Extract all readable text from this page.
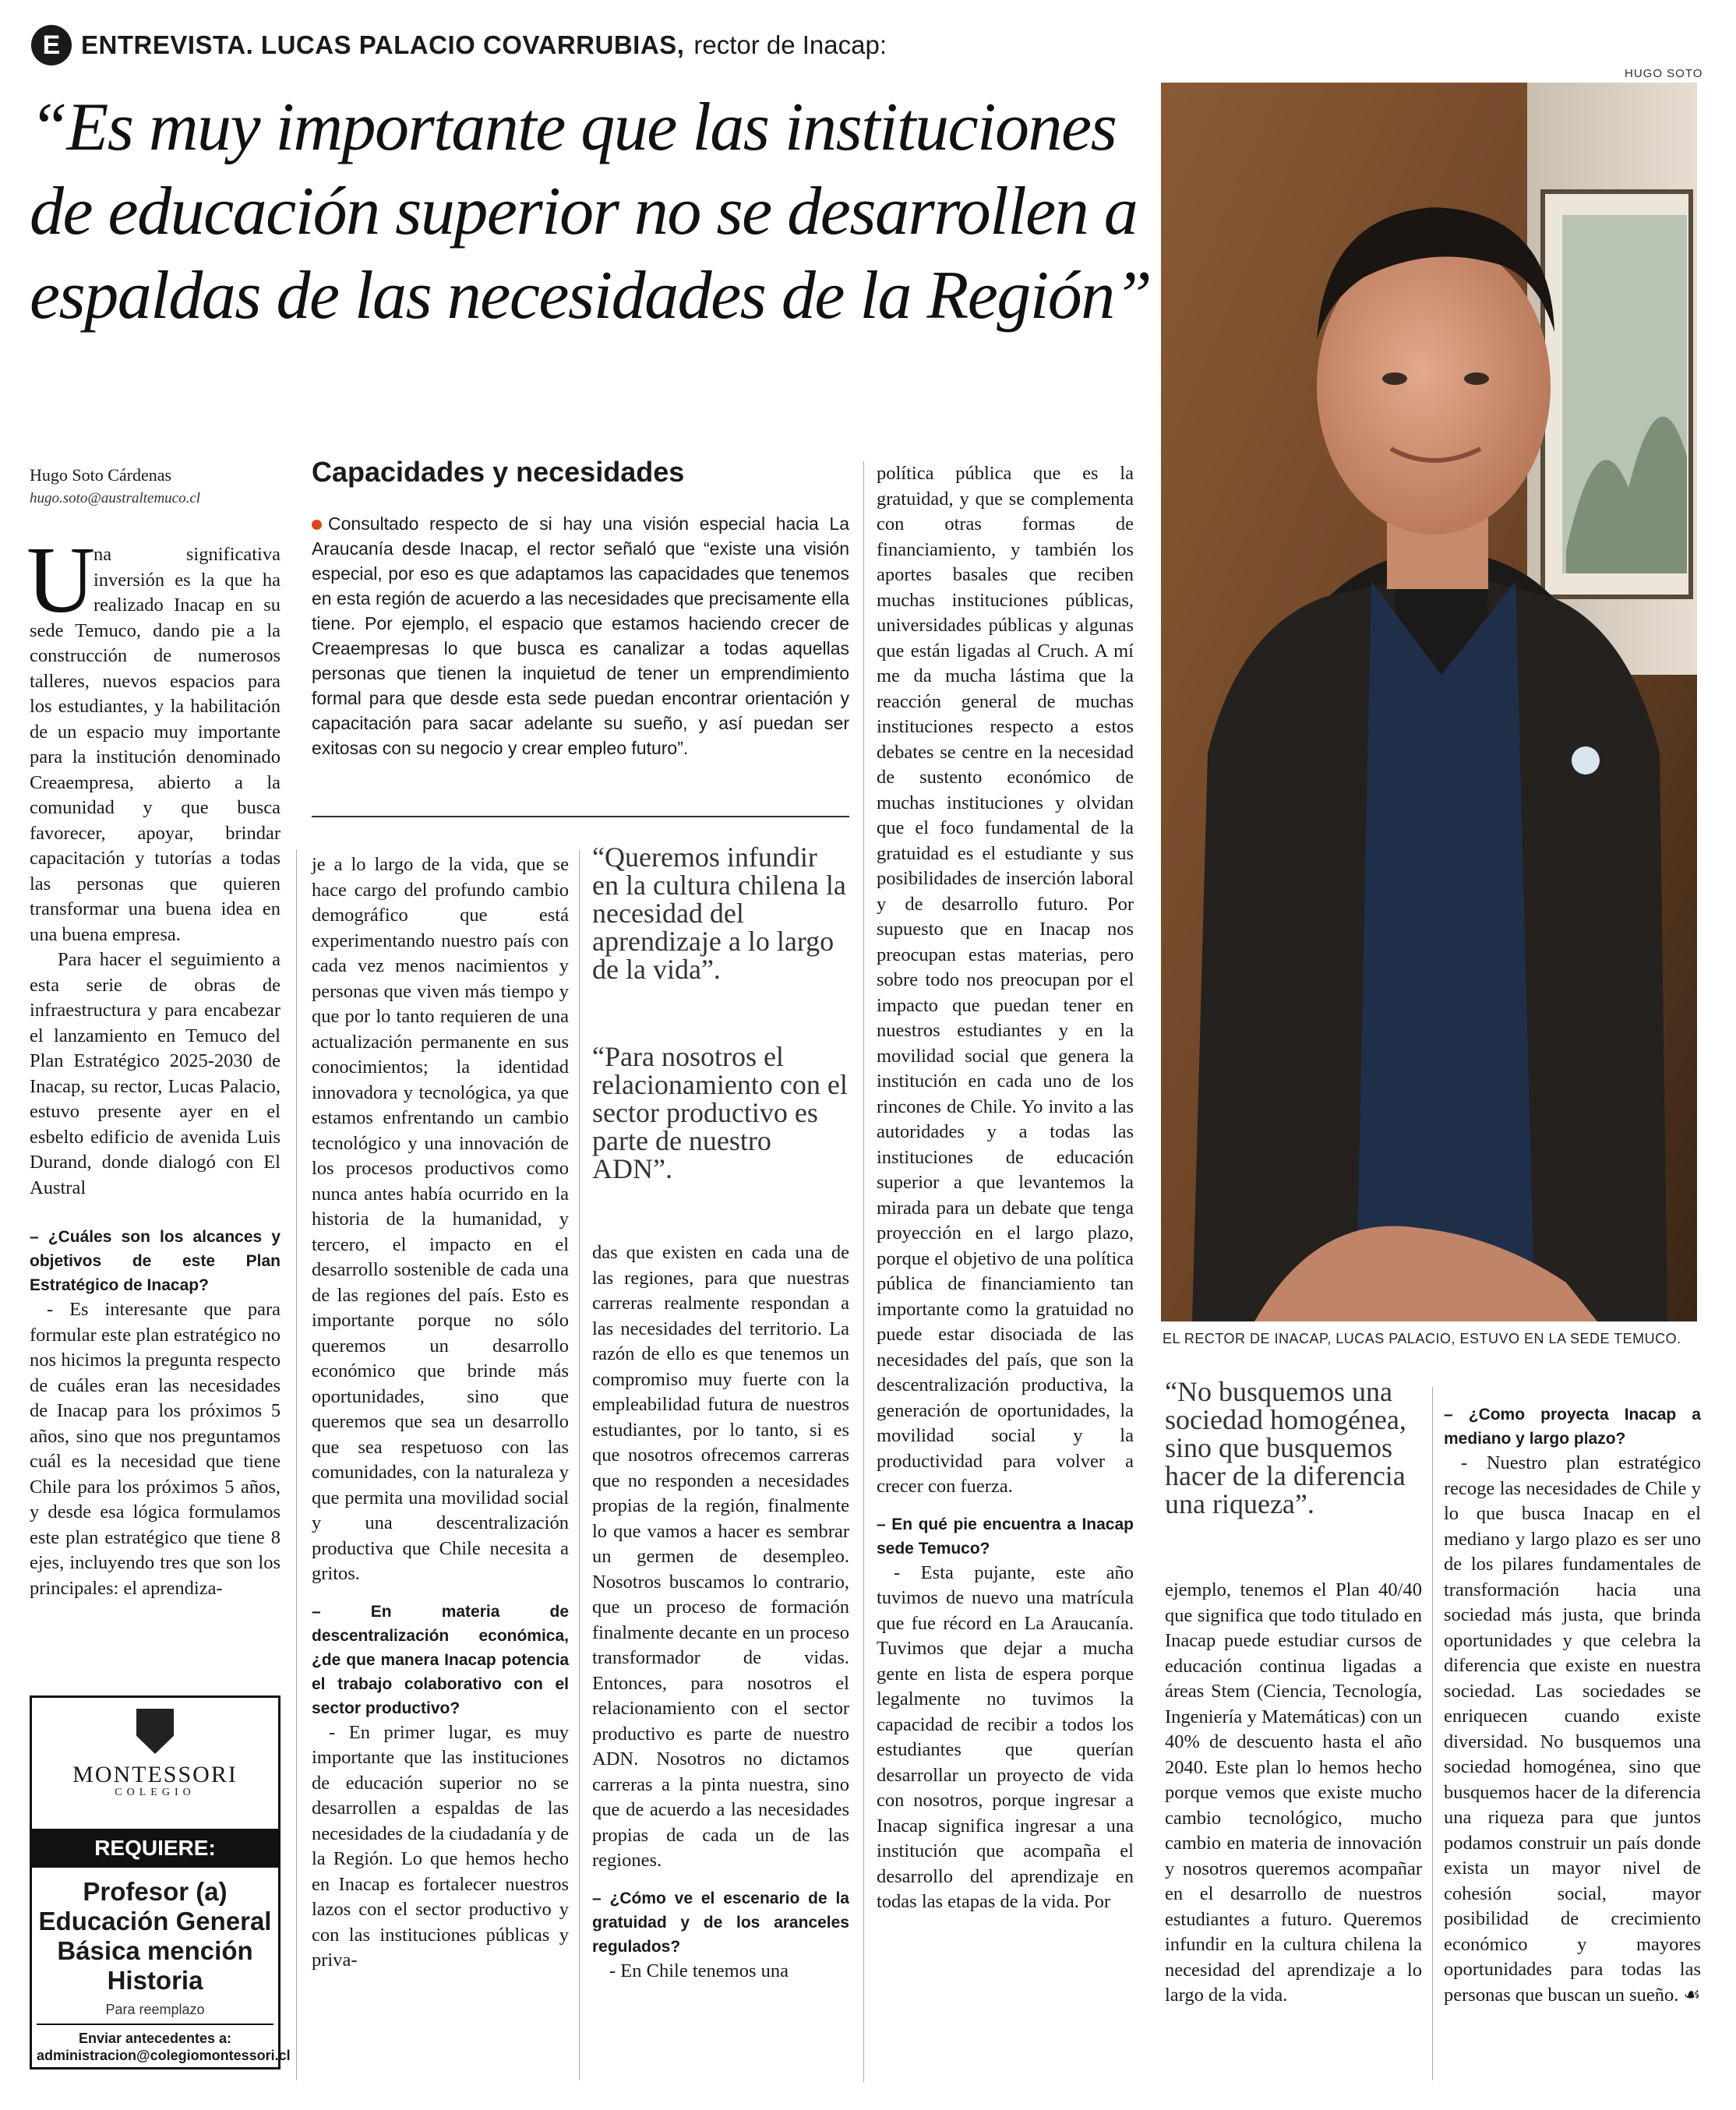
E ENTREVISTA. LUCAS PALACIO COVARRUBIAS, rector de Inacap:
HUGO SOTO
“Es muy importante que las instituciones de educación superior no se desarrollen a espaldas de las necesidades de la Región”
EL RECTOR DE INACAP, LUCAS PALACIO, ESTUVO EN LA SEDE TEMUCO.
Hugo Soto Cárdenas
hugo.soto@australtemuco.cl
U

na significativa inversión es la que ha realizado Inacap en su sede Temuco, dando pie a la construcción de numerosos talleres, nuevos espacios para los estudiantes, y la habilitación de un espacio muy importante para la institución denominado Creaempresa, abierto a la comunidad y que busca favorecer, apoyar, brindar capacitación y tutorías a todas las personas que quieren transformar una buena idea en una buena empresa.

Para hacer el seguimiento a esta serie de obras de infraestructura y para encabezar el lanzamiento en Temuco del Plan Estratégico 2025-2030 de Inacap, su rector, Lucas Palacio, estuvo presente ayer en el esbelto edificio de avenida Luis Durand, donde dialogó con El Austral

– ¿Cuáles son los alcances y objetivos de este Plan Estratégico de Inacap?

- Es interesante que para formular este plan estratégico no nos hicimos la pregunta respecto de cuáles eran las necesidades de Inacap para los próximos 5 años, sino que nos preguntamos cuál es la necesidad que tiene Chile para los próximos 5 años, y desde esa lógica formulamos este plan estratégico que tiene 8 ejes, incluyendo tres que son los principales: el aprendiza-

Capacidades y necesidades
Consultado respecto de si hay una visión especial hacia La Araucanía desde Inacap, el rector señaló que “existe una visión especial, por eso es que adaptamos las capacidades que tenemos en esta región de acuerdo a las necesidades que precisamente ella tiene. Por ejemplo, el espacio que estamos haciendo crecer de Creaempresas lo que busca es canalizar a todas aquellas personas que tienen la inquietud de tener un emprendimiento formal para que desde esta sede puedan encontrar orientación y capacitación para sacar adelante su sueño, y así puedan ser exitosas con su negocio y crear empleo futuro”.

je a lo largo de la vida, que se hace cargo del profundo cambio demográfico que está experimentando nuestro país con cada vez menos nacimientos y personas que viven más tiempo y que por lo tanto requieren de una actualización permanente en sus conocimientos; la identidad innovadora y tecnológica, ya que estamos enfrentando un cambio tecnológico y una innovación de los procesos productivos como nunca antes había ocurrido en la historia de la humanidad, y tercero, el impacto en el desarrollo sostenible de cada una de las regiones del país. Esto es importante porque no sólo queremos un desarrollo económico que brinde más oportunidades, sino que queremos que sea un desarrollo que sea respetuoso con las comunidades, con la naturaleza y que permita una movilidad social y una descentralización productiva que Chile necesita a gritos.

– En materia de descentralización económica, ¿de que manera Inacap potencia el trabajo colaborativo con el sector productivo?

- En primer lugar, es muy importante que las instituciones de educación superior no se desarrollen a espaldas de las necesidades de la ciudadanía y de la Región. Lo que hemos hecho en Inacap es fortalecer nuestros lazos con el sector productivo y con las instituciones públicas y priva-

“Queremos infundir en la cultura chilena la necesidad del aprendizaje a lo largo de la vida”.
“Para nosotros el relacionamiento con el sector productivo es parte de nuestro ADN”.

das que existen en cada una de las regiones, para que nuestras carreras realmente respondan a las necesidades del territorio. La razón de ello es que tenemos un compromiso muy fuerte con la empleabilidad futura de nuestros estudiantes, por lo tanto, si es que nosotros ofrecemos carreras que no responden a necesidades propias de la región, finalmente lo que vamos a hacer es sembrar un germen de desempleo. Nosotros buscamos lo contrario, que un proceso de formación finalmente decante en un proceso transformador de vidas. Entonces, para nosotros el relacionamiento con el sector productivo es parte de nuestro ADN. Nosotros no dictamos carreras a la pinta nuestra, sino que de acuerdo a las necesidades propias de cada un de las regiones.

– ¿Cómo ve el escenario de la gratuidad y de los aranceles regulados?

- En Chile tenemos una

política pública que es la gratuidad, y que se complementa con otras formas de financiamiento, y también los aportes basales que reciben muchas instituciones públicas, universidades públicas y algunas que están ligadas al Cruch. A mí me da mucha lástima que la reacción general de muchas instituciones respecto a estos debates se centre en la necesidad de sustento económico de muchas instituciones y olvidan que el foco fundamental de la gratuidad es el estudiante y sus posibilidades de inserción laboral y de desarrollo futuro. Por supuesto que en Inacap nos preocupan estas materias, pero sobre todo nos preocupan por el impacto que puedan tener en nuestros estudiantes y en la movilidad social que genera la institución en cada uno de los rincones de Chile. Yo invito a las autoridades y a todas las instituciones de educación superior a que levantemos la mirada para un debate que tenga proyección en el largo plazo, porque el objetivo de una política pública de financiamiento tan importante como la gratuidad no puede estar disociada de las necesidades del país, que son la descentralización productiva, la generación de oportunidades, la movilidad social y la productividad para volver a crecer con fuerza.

– En qué pie encuentra a Inacap sede Temuco?

- Esta pujante, este año tuvimos de nuevo una matrícula que fue récord en La Araucanía. Tuvimos que dejar a mucha gente en lista de espera porque legalmente no tuvimos la capacidad de recibir a todos los estudiantes que querían desarrollar un proyecto de vida con nosotros, porque ingresar a Inacap significa ingresar a una institución que acompaña el desarrollo del aprendizaje en todas las etapas de la vida. Por

“No busquemos una sociedad homogénea, sino que busquemos hacer de la diferencia una riqueza”.

ejemplo, tenemos el Plan 40/40 que significa que todo titulado en Inacap puede estudiar cursos de educación continua ligadas a áreas Stem (Ciencia, Tecnología, Ingeniería y Matemáticas) con un 40% de descuento hasta el año 2040. Este plan lo hemos hecho porque vemos que existe mucho cambio tecnológico, mucho cambio en materia de innovación y nosotros queremos acompañar en el desarrollo de nuestros estudiantes a futuro. Queremos infundir en la cultura chilena la necesidad del aprendizaje a lo largo de la vida.

– ¿Como proyecta Inacap a mediano y largo plazo?

- Nuestro plan estratégico recoge las necesidades de Chile y lo que busca Inacap en el mediano y largo plazo es ser uno de los pilares fundamentales de transformación hacia una sociedad más justa, que brinda oportunidades y que celebra la diferencia que existe en nuestra sociedad. Las sociedades se enriquecen cuando existe diversidad. No busquemos una sociedad homogénea, sino que busquemos hacer de la diferencia una riqueza para que juntos podamos construir un país donde exista un mayor nivel de cohesión social, mayor posibilidad de crecimiento económico y mayores oportunidades para todas las personas que buscan un sueño. ☙

MONTESSORI
COLEGIO
REQUIERE:
Profesor (a) Educación General Básica mención Historia
Para reemplazo
Enviar antecedentes a: administracion@colegiomontessori.cl
